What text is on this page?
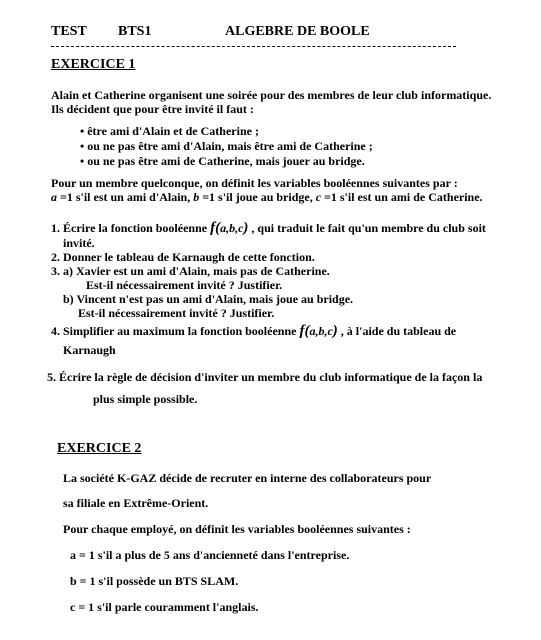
TEST BTS1	ALGEBRE DE BOOLE
EXERCICE 1
Alain et Catherine organisent une soirée pour des membres de leur club informatique.
Ils décident que pour être invité il faut :
• être ami d'Alain et de Catherine ;
• ou ne pas être ami d'Alain, mais être ami de Catherine ;
• ou ne pas être ami de Catherine, mais jouer au bridge.
Pour un membre quelconque, on définit les variables booléennes suivantes par :
a =1 s'il est un ami d'Alain, b =1 s'il joue au bridge, c =1 s'il est un ami de Catherine.
1. Écrire la fonction booléenne f(a,b,c) , qui traduit le fait qu'un membre du club soit
invité.
2. Donner le tableau de Karnaugh de cette fonction.
3. a) Xavier est un ami d'Alain, mais pas de Catherine.
Est-il nécessairement invité ? Justifier.
b) Vincent n'est pas un ami d'Alain, mais joue au bridge.
Est-il nécessairement invité ? Justifier.
4. Simplifier au maximum la fonction booléenne f(a,b,c) , à l'aide du tableau de
Karnaugh
5. Écrire la règle de décision d'inviter un membre du club informatique de la façon la
plus simple possible.
EXERCICE 2
La société K-GAZ décide de recruter en interne des collaborateurs pour
sa filiale en Extrême-Orient.
Pour chaque employé, on définit les variables booléennes suivantes :
a = 1 s'il a plus de 5 ans d'ancienneté dans l'entreprise.
b = 1 s'il possède un BTS SLAM.
c = 1 s'il parle couramment l'anglais.
